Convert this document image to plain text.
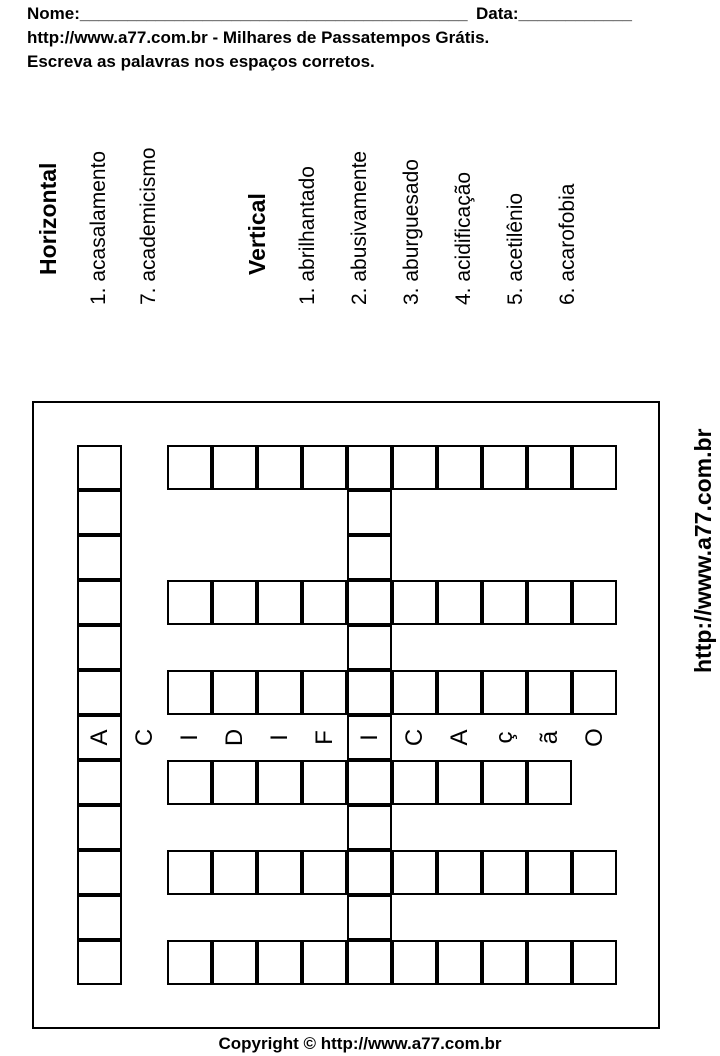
Nome:_________________________________________ Data:____________
http://www.a77.com.br - Milhares de Passatempos Grátis.
Escreva as palavras nos espaços corretos.
Horizontal 1. acasalamento 7. academicismo	Vertical 1. abrilhantado 2. abusivamente 3. aburguesado 4. acidificação 5. acetilênio 6. acarofobia
http://www.a77.com.br
A C I D I F I C A ç ã O
Copyright © http://www.a77.com.br
